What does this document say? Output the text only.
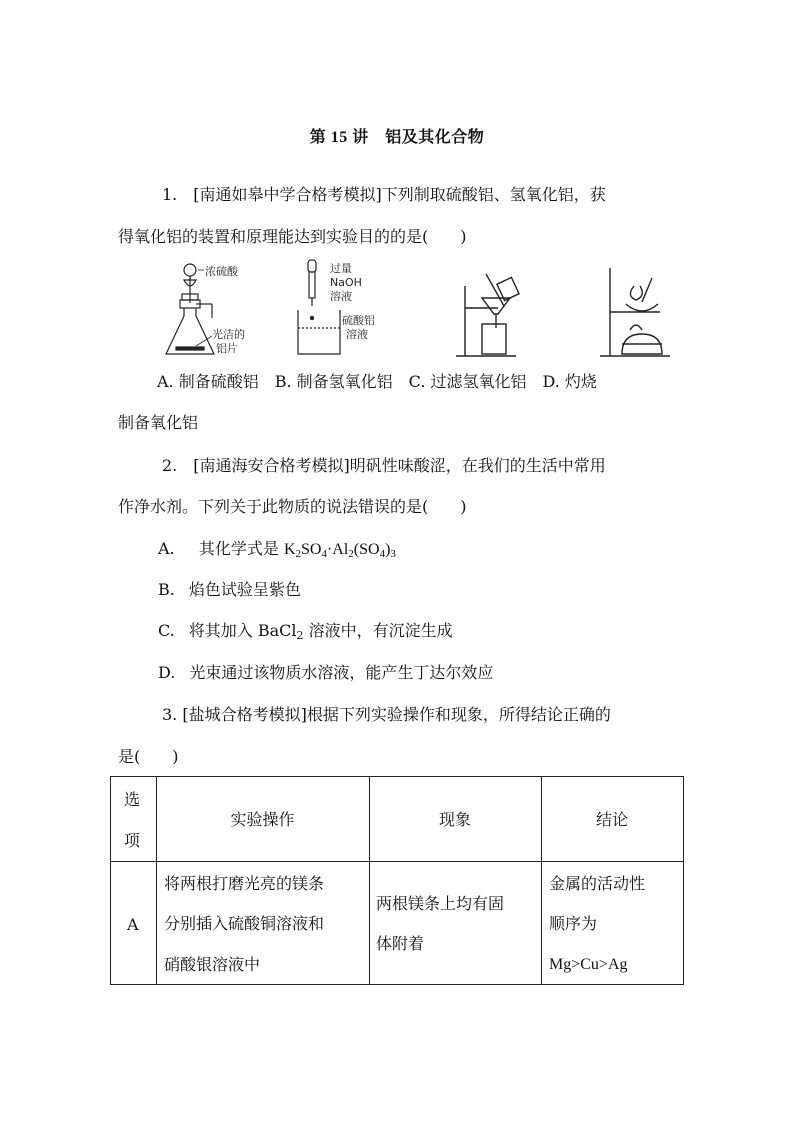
第 15 讲　铝及其化合物
1.　[南通如皋中学合格考模拟]下列制取硫酸铝、氢氧化铝，获
得氧化铝的装置和原理能达到实验目的的是(　　)
浓硫酸
光洁的
铝片
过量
NaOH
溶液
硫酸铝
溶液
A. 制备硫酸铝　B. 制备氢氧化铝　C. 过滤氢氧化铝　D. 灼烧
制备氧化铝
2.　[南通海安合格考模拟]明矾性味酸涩，在我们的生活中常用
作净水剂。下列关于此物质的说法错误的是(　　)
A. 其化学式是 $K_2SO_4\cdot Al_2(SO_4)_3$
B. 焰色试验呈紫色
C. 将其加入 BaCl$_2$ 溶液中，有沉淀生成
D. 光束通过该物质水溶液，能产生丁达尔效应
3. [盐城合格考模拟]根据下列实验操作和现象，所得结论正确的
是(　　)
选
项
实验操作	现象	结论
A
将两根打磨光亮的镁条
分别插入硫酸铜溶液和
硝酸银溶液中
两根镁条上均有固
体附着
金属的活动性
顺序为
Mg>Cu>Ag
